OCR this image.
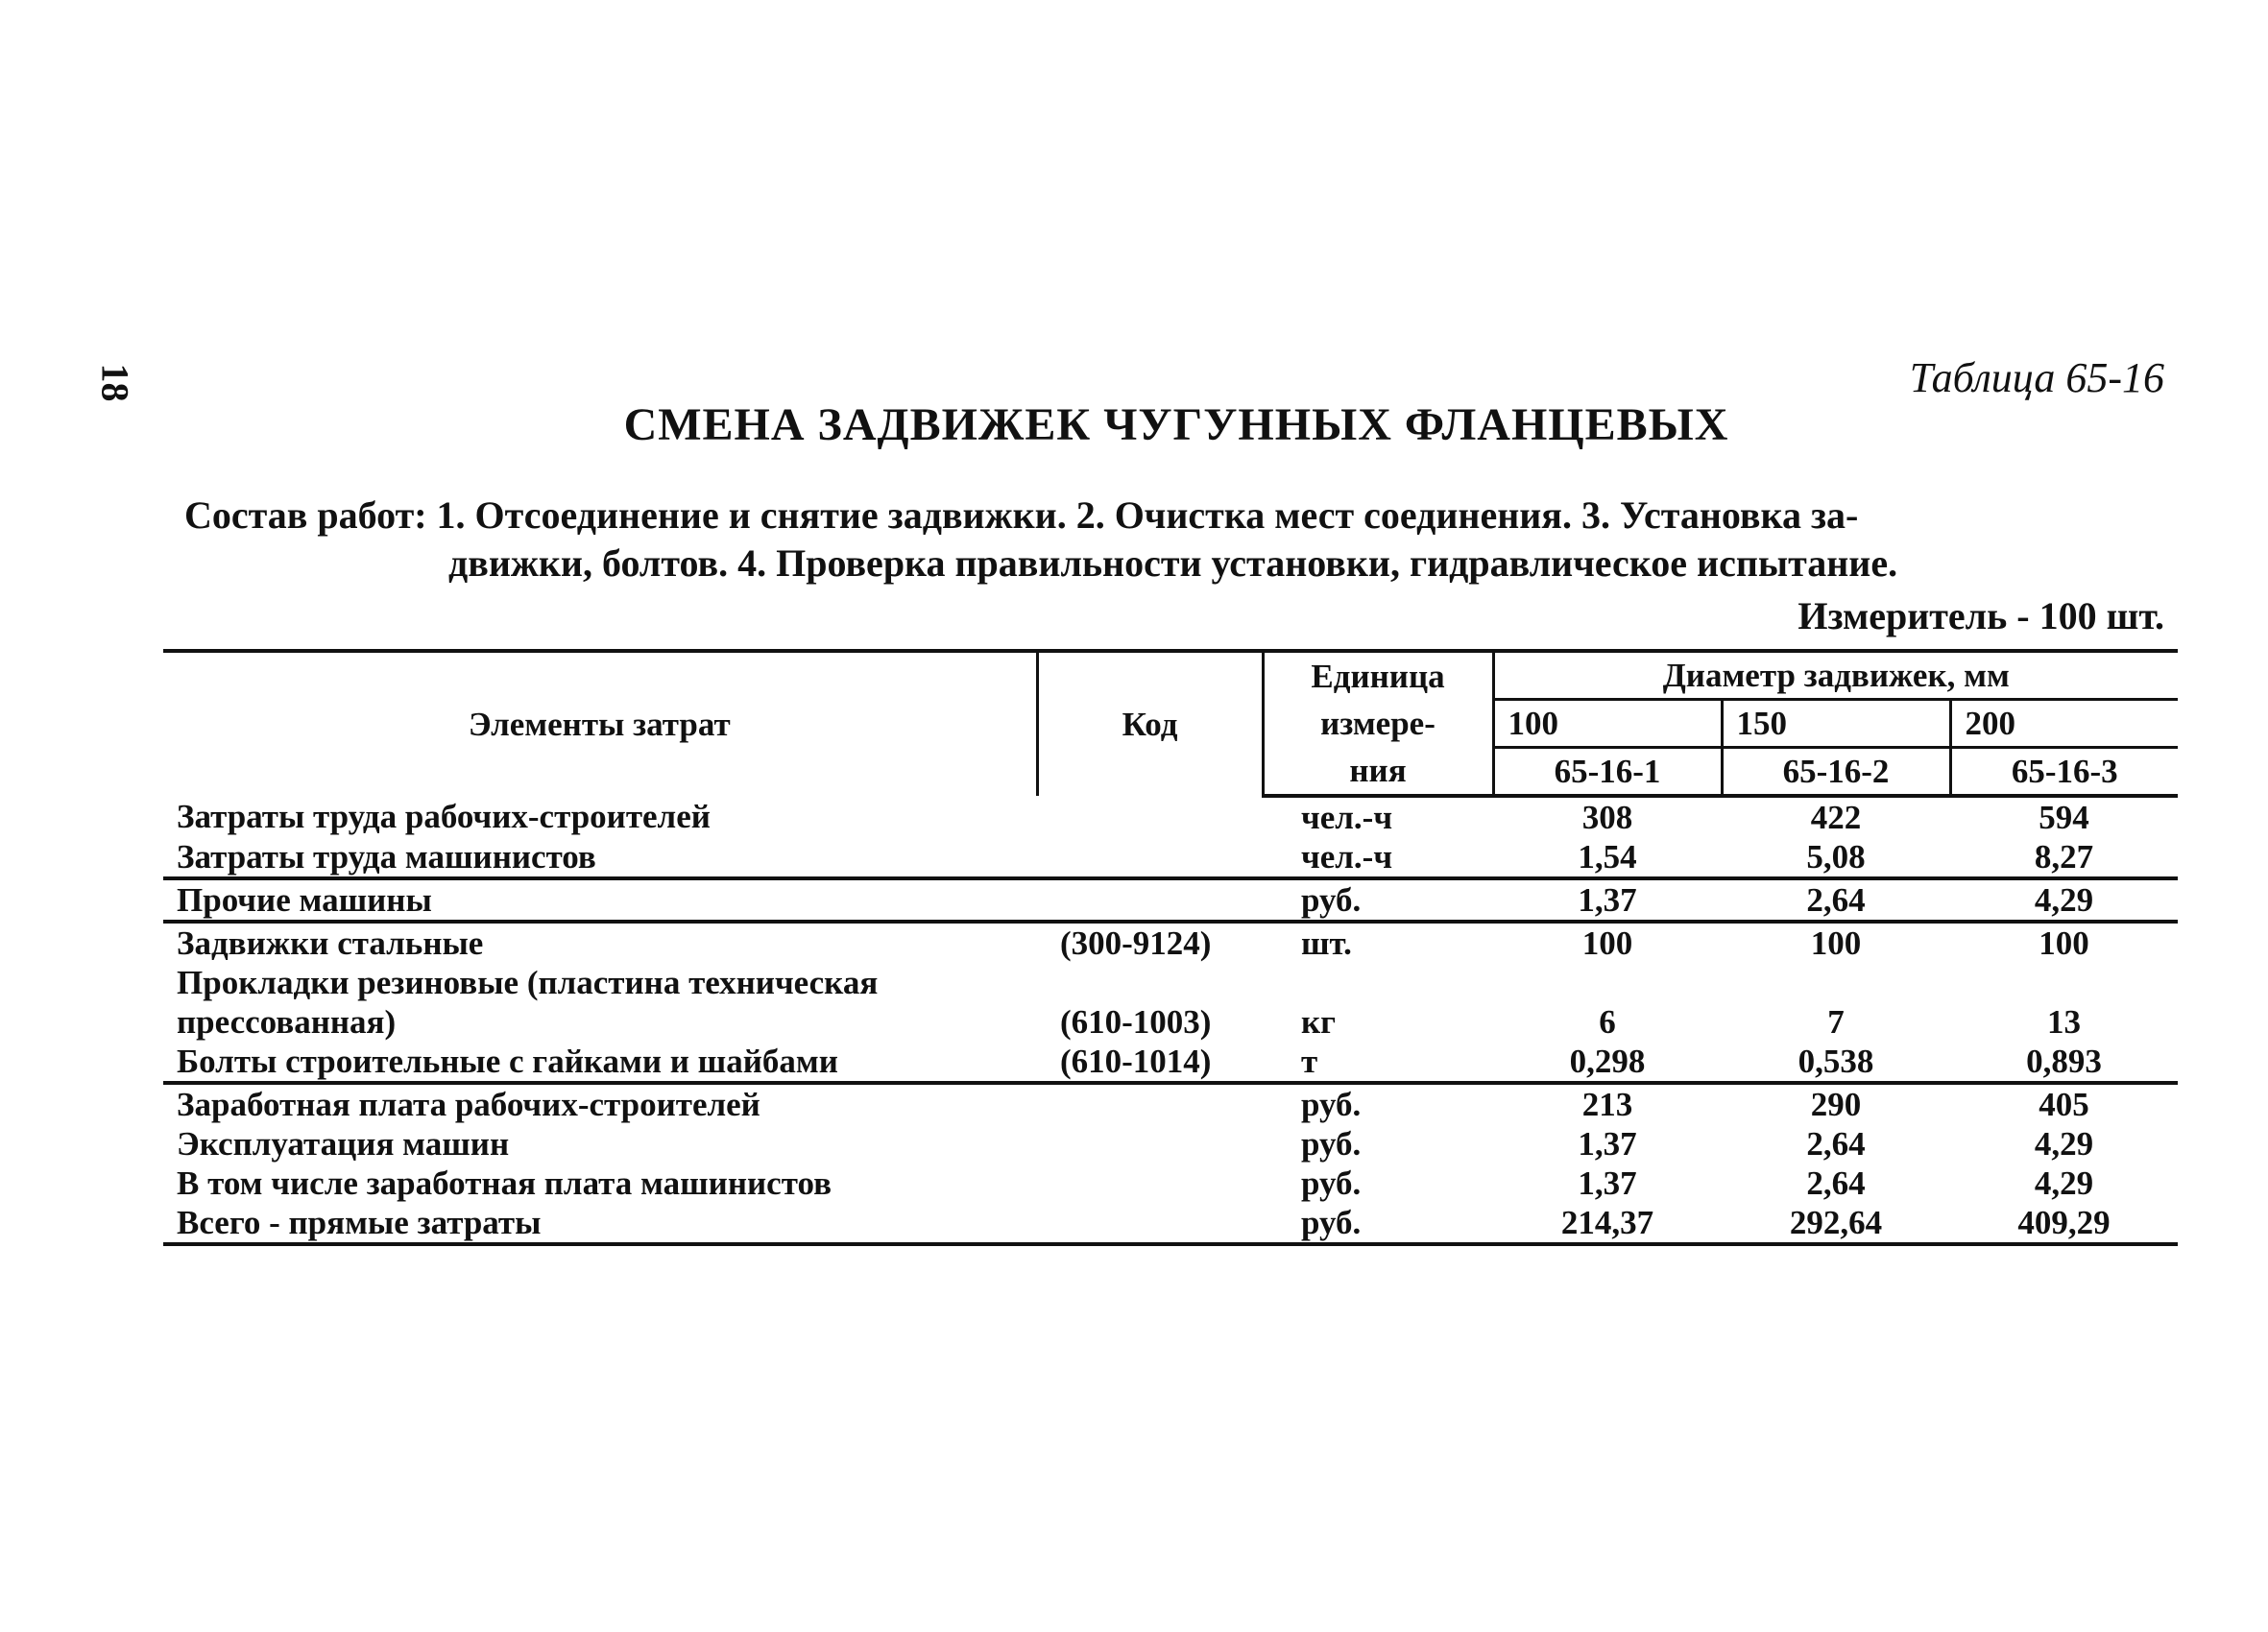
18	Таблица 65-16
СМЕНА ЗАДВИЖЕК ЧУГУННЫХ ФЛАНЦЕВЫХ
Состав работ: 1. Отсоединение и снятие задвижки. 2. Очистка мест соединения. 3. Установка за-
движки, болтов. 4. Проверка правильности установки, гидравлическое испытание.
Измеритель - 100 шт.
Элементы затрат	Код	Единица	Диаметр задвижек, мм		
		измере-	100	150	200
		ния	65-16-1	65-16-2	65-16-3
Затраты труда рабочих-строителей		чел.-ч	308	422	594
Затраты труда машинистов		чел.-ч	1,54	5,08	8,27
Прочие машины		руб.	1,37	2,64	4,29
Задвижки стальные	(300-9124)	шт.	100	100	100
Прокладки резиновые (пластина техническая					
прессованная)	(610-1003)	кг	6	7	13
Болты строительные с гайками и шайбами	(610-1014)	т	0,298	0,538	0,893
Заработная плата рабочих-строителей		руб.	213	290	405
Эксплуатация машин		руб.	1,37	2,64	4,29
В том числе заработная плата машинистов		руб.	1,37	2,64	4,29
Всего - прямые затраты		руб.	214,37	292,64	409,29
